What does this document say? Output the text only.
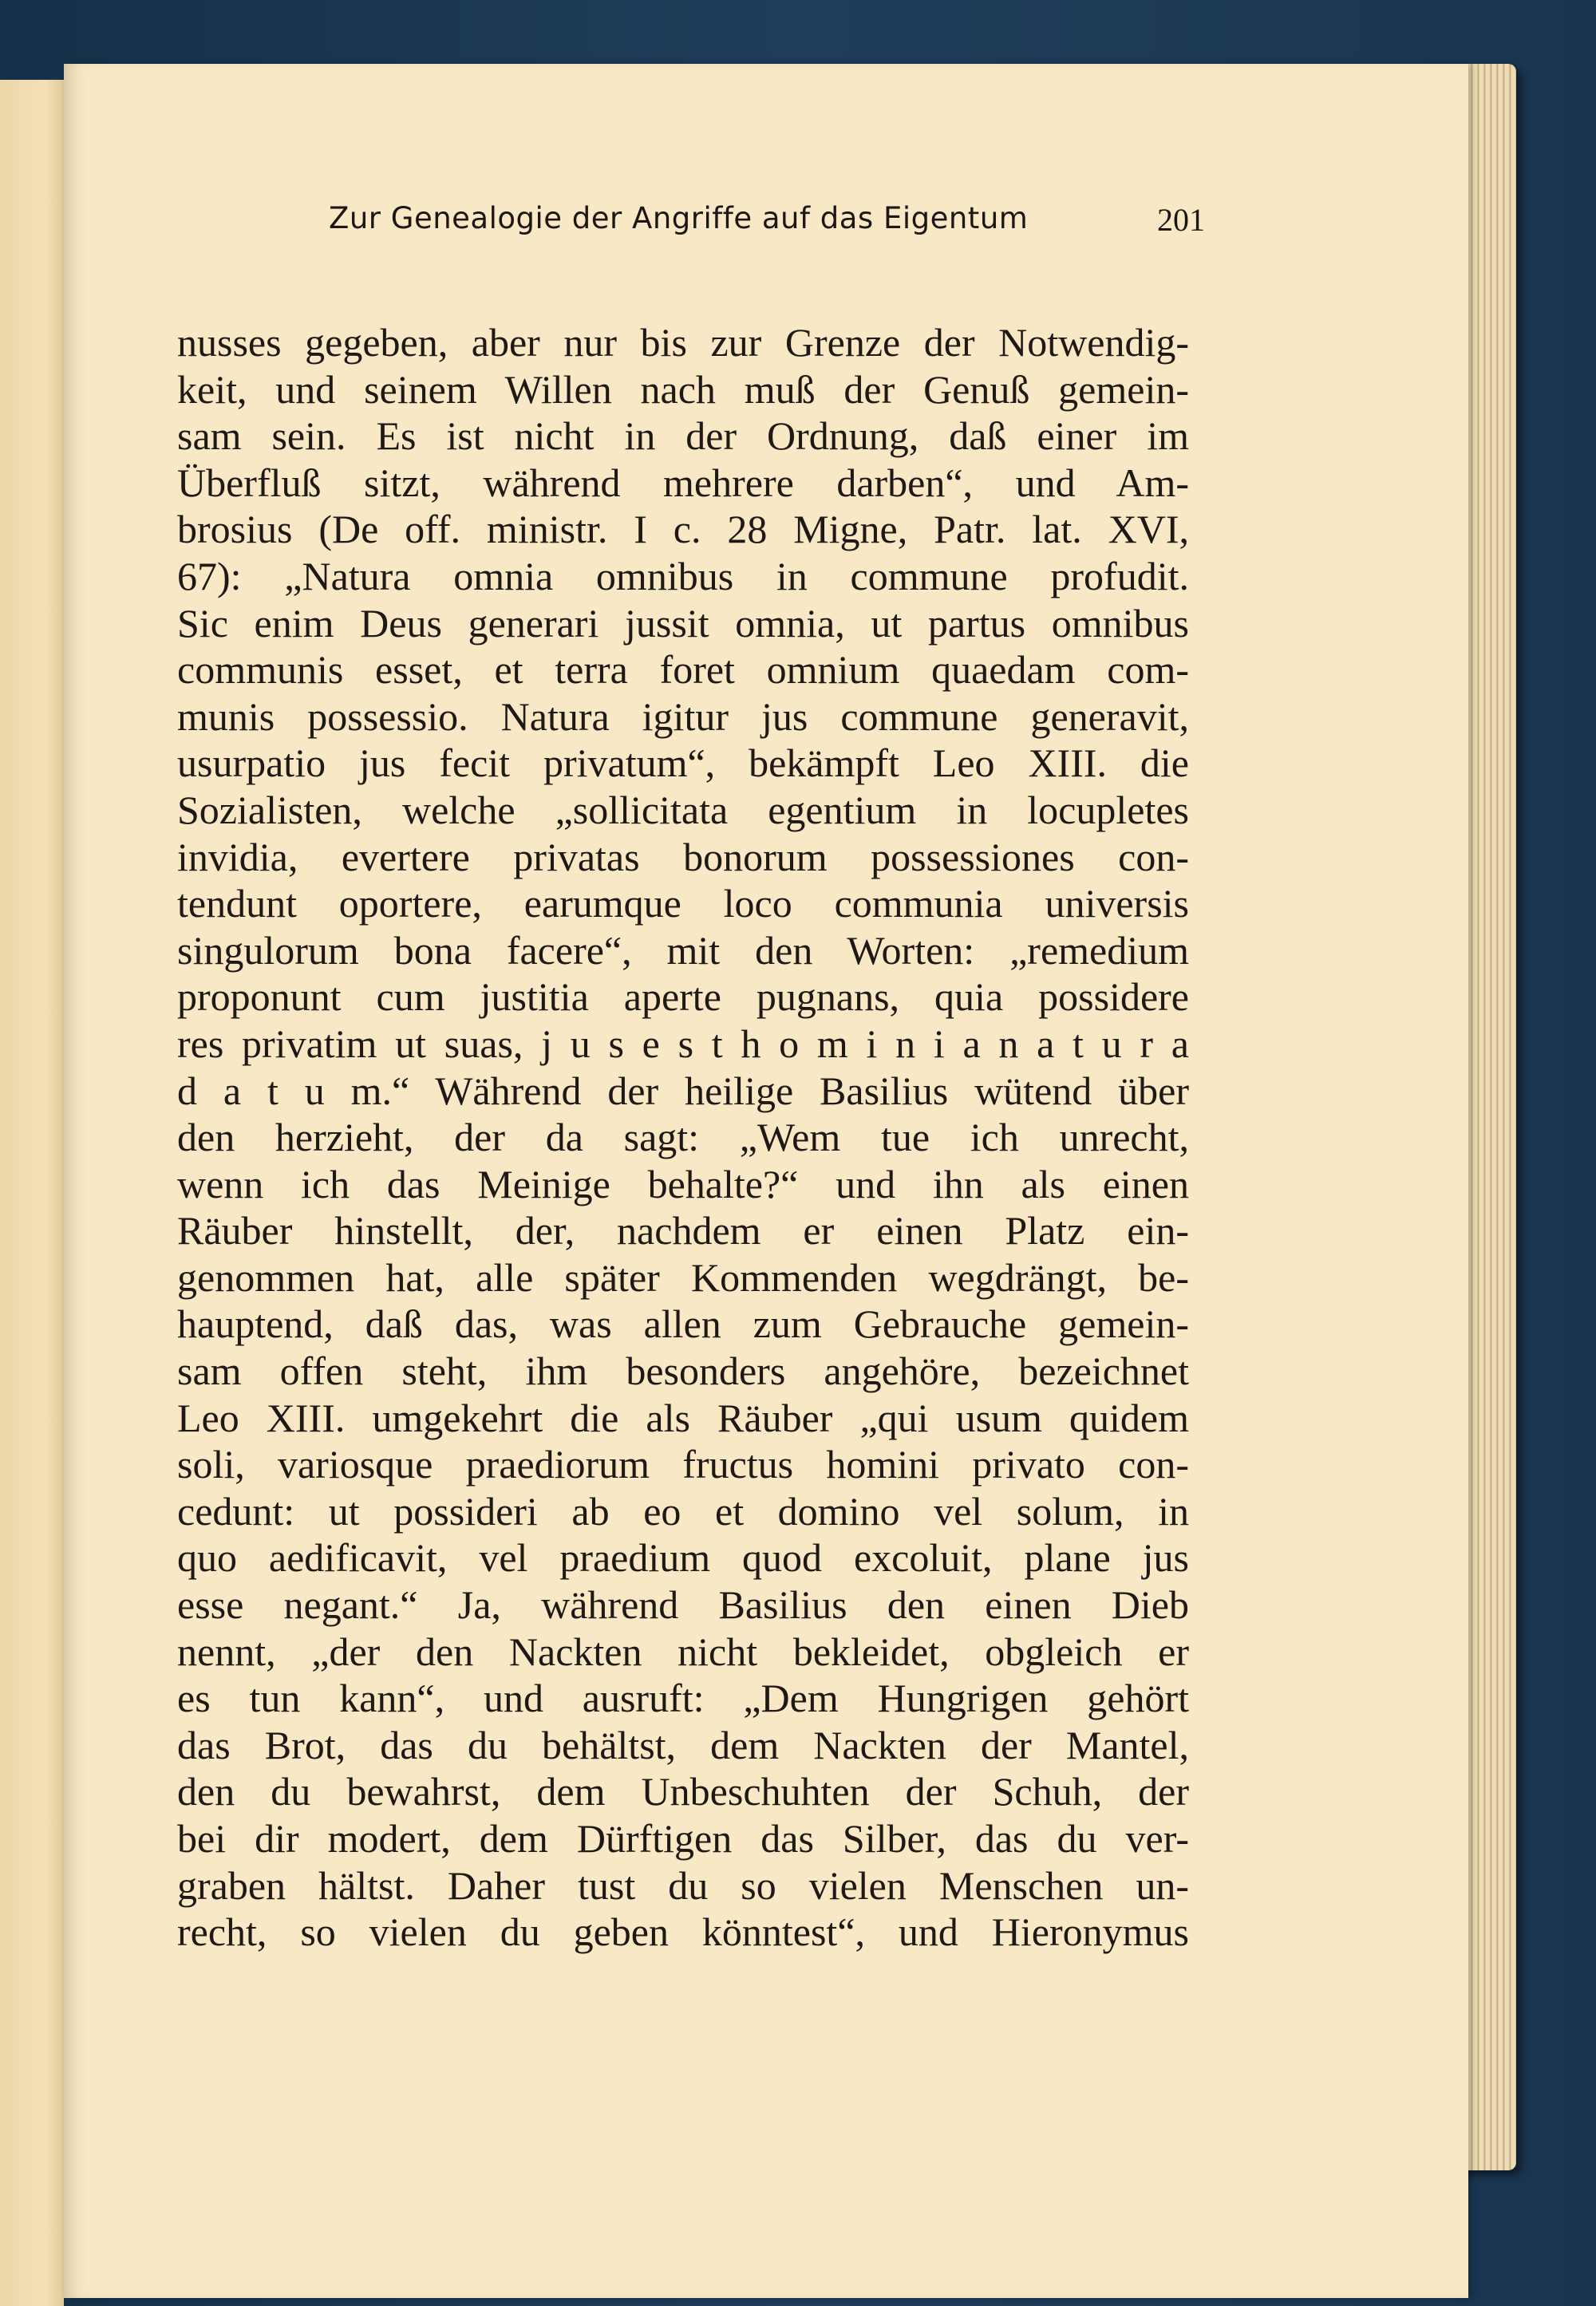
Zur Genealogie der Angriffe auf das Eigentum	201
nusses gegeben, aber nur bis zur Grenze der Notwendig-
keit, und seinem Willen nach muß der Genuß gemein-
sam sein. Es ist nicht in der Ordnung, daß einer im
Überfluß sitzt, während mehrere darben“, und Am-
brosius (De off. ministr. I c. 28 Migne, Patr. lat. XVI,
67): „Natura omnia omnibus in commune profudit.
Sic enim Deus generari jussit omnia, ut partus omnibus
communis esset, et terra foret omnium quaedam com-
munis possessio. Natura igitur jus commune generavit,
usurpatio jus fecit privatum“, bekämpft Leo XIII. die
Sozialisten, welche „sollicitata egentium in locupletes
invidia, evertere privatas bonorum possessiones con-
tendunt oportere, earumque loco communia universis
singulorum bona facere“, mit den Worten: „remedium
proponunt cum justitia aperte pugnans, quia possidere
res privatim ut suas, j u s e s t h o m i n i a n a t u r a
d a t u m.“ Während der heilige Basilius wütend über
den herzieht, der da sagt: „Wem tue ich unrecht,
wenn ich das Meinige behalte?“ und ihn als einen
Räuber hinstellt, der, nachdem er einen Platz ein-
genommen hat, alle später Kommenden wegdrängt, be-
hauptend, daß das, was allen zum Gebrauche gemein-
sam offen steht, ihm besonders angehöre, bezeichnet
Leo XIII. umgekehrt die als Räuber „qui usum quidem
soli, variosque praediorum fructus homini privato con-
cedunt: ut possideri ab eo et domino vel solum, in
quo aedificavit, vel praedium quod excoluit, plane jus
esse negant.“ Ja, während Basilius den einen Dieb
nennt, „der den Nackten nicht bekleidet, obgleich er
es tun kann“, und ausruft: „Dem Hungrigen gehört
das Brot, das du behältst, dem Nackten der Mantel,
den du bewahrst, dem Unbeschuhten der Schuh, der
bei dir modert, dem Dürftigen das Silber, das du ver-
graben hältst. Daher tust du so vielen Menschen un-
recht, so vielen du geben könntest“, und Hieronymus
